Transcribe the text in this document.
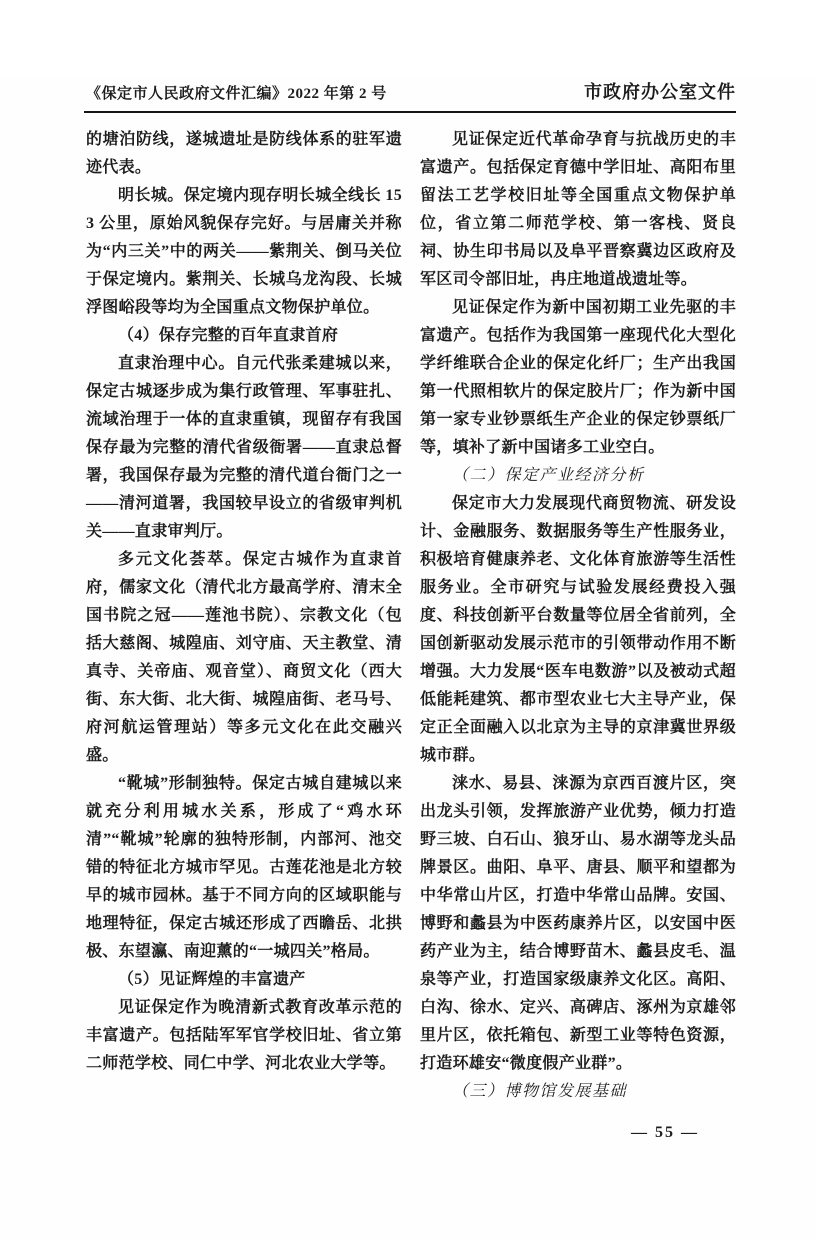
《保定市人民政府文件汇编》2022 年第 2 号	市政府办公室文件

的塘泊防线，遂城遗址是防线体系的驻军遗迹代表。

明长城。保定境内现存明长城全线长 153 公里，原始风貌保存完好。与居庸关并称为“内三关”中的两关——紫荆关、倒马关位于保定境内。紫荆关、长城乌龙沟段、长城浮图峪段等均为全国重点文物保护单位。

（4）保存完整的百年直隶首府

直隶治理中心。自元代张柔建城以来，保定古城逐步成为集行政管理、军事驻扎、流域治理于一体的直隶重镇，现留存有我国保存最为完整的清代省级衙署——直隶总督署，我国保存最为完整的清代道台衙门之一——清河道署，我国较早设立的省级审判机关——直隶审判厅。

多元文化荟萃。保定古城作为直隶首府，儒家文化（清代北方最高学府、清末全国书院之冠——莲池书院）、宗教文化（包括大慈阁、城隍庙、刘守庙、天主教堂、清真寺、关帝庙、观音堂）、商贸文化（西大街、东大街、北大街、城隍庙街、老马号、府河航运管理站）等多元文化在此交融兴盛。

“靴城”形制独特。保定古城自建城以来就充分利用城水关系，形成了“鸡水环清”“靴城”轮廓的独特形制，内部河、池交错的特征北方城市罕见。古莲花池是北方较早的城市园林。基于不同方向的区域职能与地理特征，保定古城还形成了西瞻岳、北拱极、东望瀛、南迎薰的“一城四关”格局。

（5）见证辉煌的丰富遗产

见证保定作为晚清新式教育改革示范的丰富遗产。包括陆军军官学校旧址、省立第二师范学校、同仁中学、河北农业大学等。

见证保定近代革命孕育与抗战历史的丰富遗产。包括保定育德中学旧址、高阳布里留法工艺学校旧址等全国重点文物保护单位，省立第二师范学校、第一客栈、贤良祠、协生印书局以及阜平晋察冀边区政府及军区司令部旧址，冉庄地道战遗址等。

见证保定作为新中国初期工业先驱的丰富遗产。包括作为我国第一座现代化大型化学纤维联合企业的保定化纤厂；生产出我国第一代照相软片的保定胶片厂；作为新中国第一家专业钞票纸生产企业的保定钞票纸厂等，填补了新中国诸多工业空白。

（二）保定产业经济分析

保定市大力发展现代商贸物流、研发设计、金融服务、数据服务等生产性服务业，积极培育健康养老、文化体育旅游等生活性服务业。全市研究与试验发展经费投入强度、科技创新平台数量等位居全省前列，全国创新驱动发展示范市的引领带动作用不断增强。大力发展“医车电数游”以及被动式超低能耗建筑、都市型农业七大主导产业，保定正全面融入以北京为主导的京津冀世界级城市群。

涞水、易县、涞源为京西百渡片区，突出龙头引领，发挥旅游产业优势，倾力打造野三坡、白石山、狼牙山、易水湖等龙头品牌景区。曲阳、阜平、唐县、顺平和望都为中华常山片区，打造中华常山品牌。安国、博野和蠡县为中医药康养片区，以安国中医药产业为主，结合博野苗木、蠡县皮毛、温泉等产业，打造国家级康养文化区。高阳、白沟、徐水、定兴、高碑店、涿州为京雄邻里片区，依托箱包、新型工业等特色资源，打造环雄安“微度假产业群”。

（三）博物馆发展基础

— 55 —
